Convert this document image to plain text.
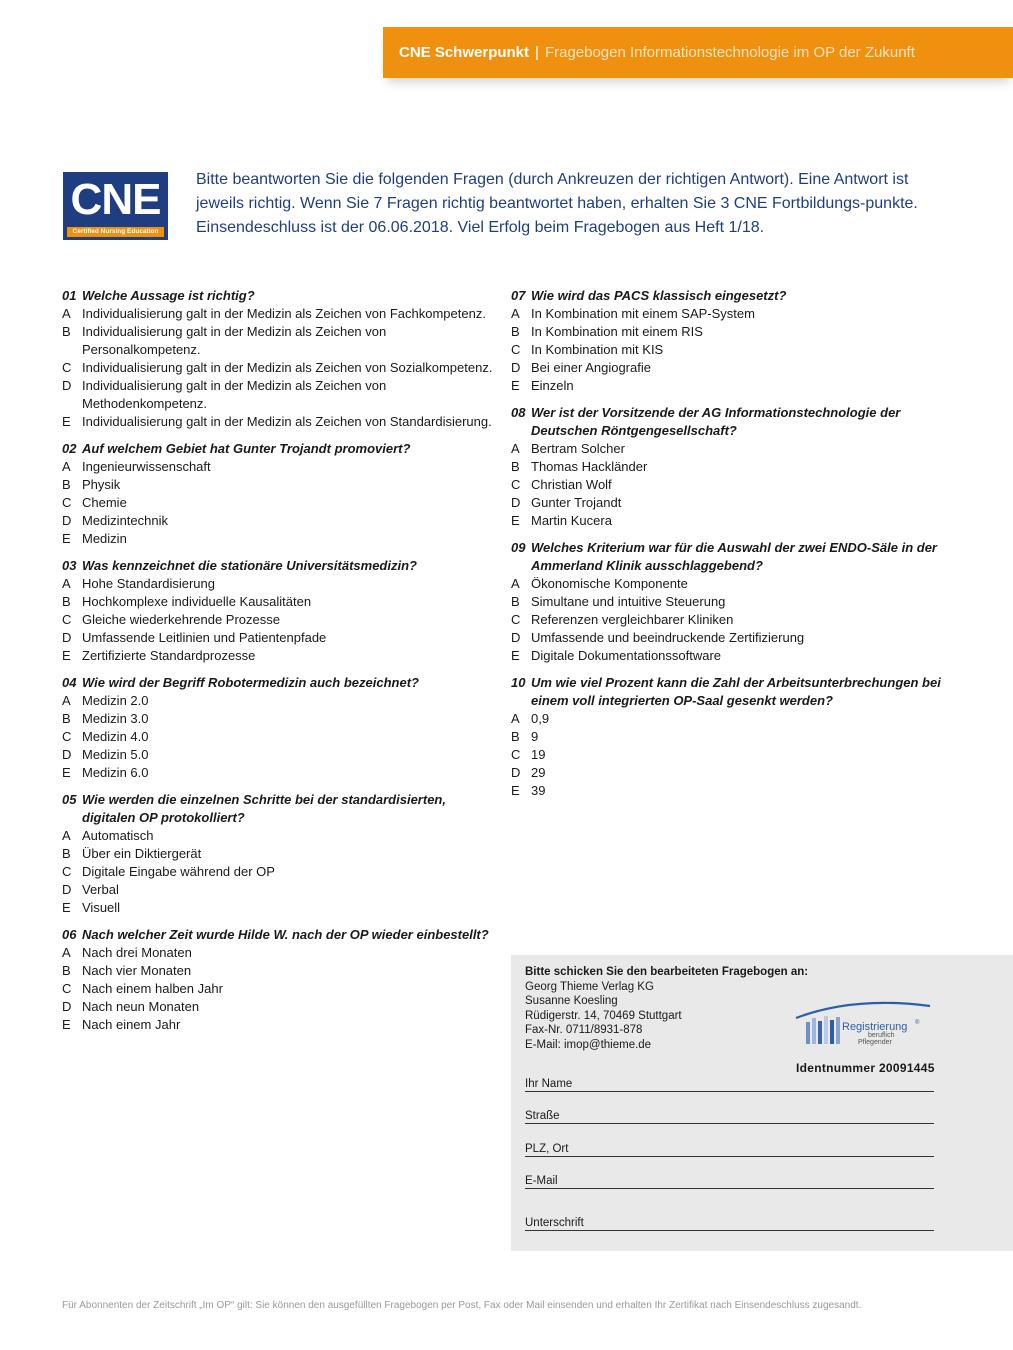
CNE Schwerpunkt | Fragebogen Informationstechnologie im OP der Zukunft
CNE
Certified Nursing Education
Bitte beantworten Sie die folgenden Fragen (durch Ankreuzen der richtigen Antwort). Eine Antwort ist jeweils richtig. Wenn Sie 7 Fragen richtig beantwortet haben, erhalten Sie 3 CNE Fortbildungs-punkte. Einsendeschluss ist der 06.06.2018. Viel Erfolg beim Fragebogen aus Heft 1/18.
01 Welche Aussage ist richtig?
A Individualisierung galt in der Medizin als Zeichen von Fachkompetenz.
B Individualisierung galt in der Medizin als Zeichen von Personalkompetenz.
C Individualisierung galt in der Medizin als Zeichen von Sozialkompetenz.
D Individualisierung galt in der Medizin als Zeichen von Methodenkompetenz.
E Individualisierung galt in der Medizin als Zeichen von Standardisierung.
02 Auf welchem Gebiet hat Gunter Trojandt promoviert?
A Ingenieurwissenschaft
B Physik
C Chemie
D Medizintechnik
E Medizin
03 Was kennzeichnet die stationäre Universitätsmedizin?
A Hohe Standardisierung
B Hochkomplexe individuelle Kausalitäten
C Gleiche wiederkehrende Prozesse
D Umfassende Leitlinien und Patientenpfade
E Zertifizierte Standardprozesse
04 Wie wird der Begriff Robotermedizin auch bezeichnet?
A Medizin 2.0
B Medizin 3.0
C Medizin 4.0
D Medizin 5.0
E Medizin 6.0
05 Wie werden die einzelnen Schritte bei der standardisierten, digitalen OP protokolliert?
A Automatisch
B Über ein Diktiergerät
C Digitale Eingabe während der OP
D Verbal
E Visuell
06 Nach welcher Zeit wurde Hilde W. nach der OP wieder einbestellt?
A Nach drei Monaten
B Nach vier Monaten
C Nach einem halben Jahr
D Nach neun Monaten
E Nach einem Jahr
07 Wie wird das PACS klassisch eingesetzt?
A In Kombination mit einem SAP-System
B In Kombination mit einem RIS
C In Kombination mit KIS
D Bei einer Angiografie
E Einzeln
08 Wer ist der Vorsitzende der AG Informationstechnologie der Deutschen Röntgengesellschaft?
A Bertram Solcher
B Thomas Hackländer
C Christian Wolf
D Gunter Trojandt
E Martin Kucera
09 Welches Kriterium war für die Auswahl der zwei ENDO-Säle in der Ammerland Klinik ausschlaggebend?
A Ökonomische Komponente
B Simultane und intuitive Steuerung
C Referenzen vergleichbarer Kliniken
D Umfassende und beeindruckende Zertifizierung
E Digitale Dokumentationssoftware
10 Um wie viel Prozent kann die Zahl der Arbeitsunterbrechungen bei einem voll integrierten OP-Saal gesenkt werden?
A 0,9
B 9
C 19
D 29
E 39
Bitte schicken Sie den bearbeiteten Fragebogen an:
Georg Thieme Verlag KG
Susanne Koesling
Rüdigerstr. 14, 70469 Stuttgart
Fax-Nr. 0711/8931-878
E-Mail: imop@thieme.de
Registrierung ®
beruflich
Pflegender
Identnummer 20091445
Ihr Name
Straße
PLZ, Ort
E-Mail
Unterschrift
Für Abonnenten der Zeitschrift „Im OP“ gilt: Sie können den ausgefüllten Fragebogen per Post, Fax oder Mail einsenden und erhalten Ihr Zertifikat nach Einsendeschluss zugesandt.
